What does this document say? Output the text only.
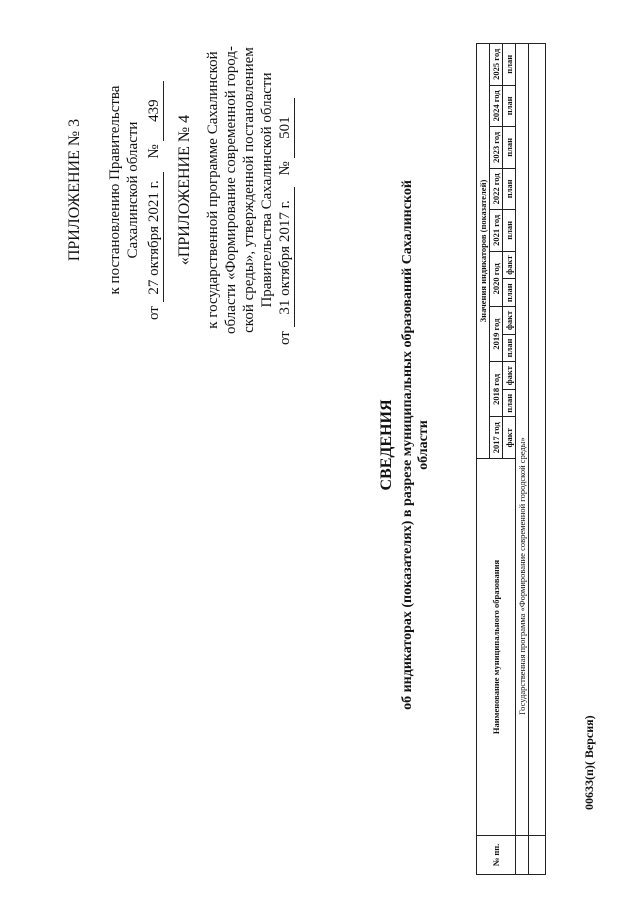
ПРИЛОЖЕНИЕ № 3 к постановлению Правительства Сахалинской области
от 27 октября 2021 г. № 439
«ПРИЛОЖЕНИЕ № 4 к государственной программе Сахалинской области «Формирование современной город- ской среды», утвержденной постановлением Правительства Сахалинской области
от 31 октября 2017 г. № 501
СВЕДЕНИЯ об индикаторах (показателях) в разрезе муниципальных образований Сахалинской области
№ пп.	Наименование муниципального образования	Значения индикаторов (показателей)											
		2017 год	2018 год		2019 год		2020 год		2021 год	2022 год	2023 год	2024 год	2025 год
		факт	план	факт	план	факт	план	факт	план	план	план	план	план
	Государственная программа «Формирование современной городской среды»												

00633(п)( Версия)
